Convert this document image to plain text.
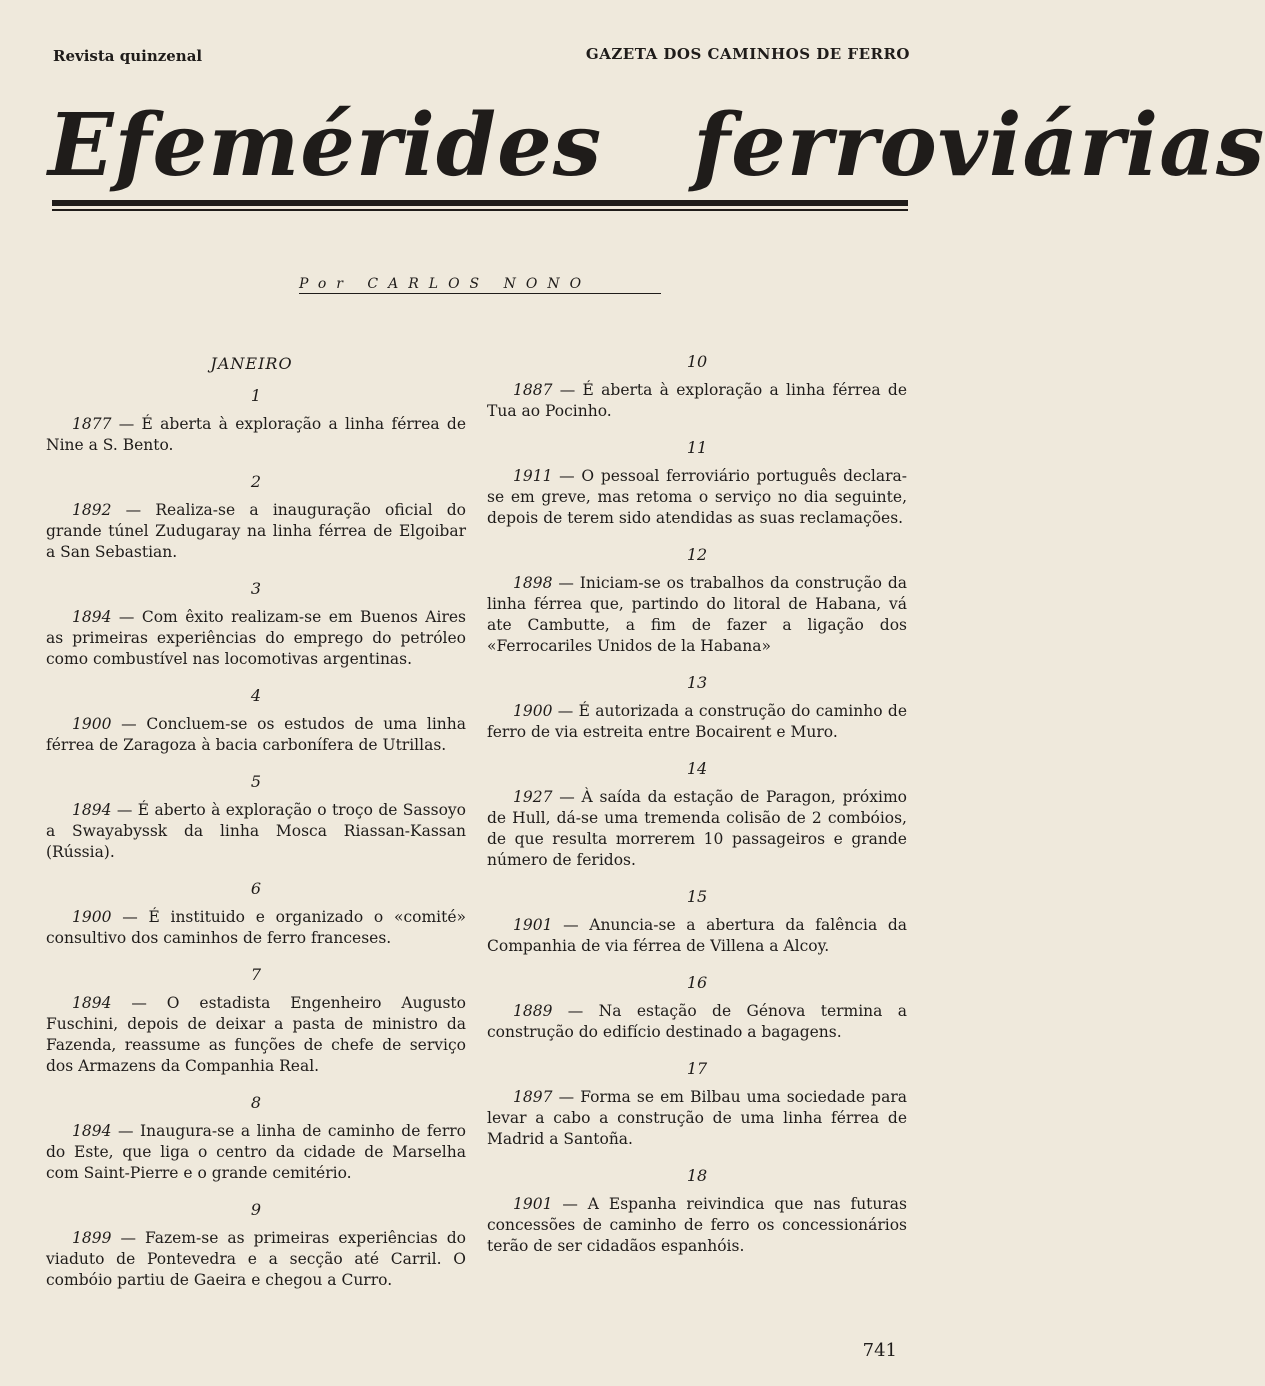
Revista quinzenal	GAZETA DOS CAMINHOS DE FERRO
Efemérides ferroviárias
Por CARLOS NONO
JANEIRO
1
1877 — É aberta à exploração a linha férrea de Nine a S. Bento.
2
1892 — Realiza-se a inauguração oficial do grande túnel Zudugaray na linha férrea de Elgoibar a San Sebastian.
3
1894 — Com êxito realizam-se em Buenos Aires as primeiras experiências do emprego do petróleo como combustível nas locomotivas argentinas.
4
1900 — Concluem-se os estudos de uma linha férrea de Zaragoza à bacia carbonífera de Utrillas.
5
1894 — É aberto à exploração o troço de Sassoyo a Swayabyssk da linha Mosca Riassan-Kassan (Rússia).
6
1900 — É instituido e organizado o «comité» consultivo dos caminhos de ferro franceses.
7
1894 — O estadista Engenheiro Augusto Fuschini, depois de deixar a pasta de ministro da Fazenda, reassume as funções de chefe de serviço dos Armazens da Companhia Real.
8
1894 — Inaugura-se a linha de caminho de ferro do Este, que liga o centro da cidade de Marselha com Saint-Pierre e o grande cemitério.
9
1899 — Fazem-se as primeiras experiências do viaduto de Pontevedra e a secção até Carril. O combóio partiu de Gaeira e chegou a Curro.
10
1887 — É aberta à exploração a linha férrea de Tua ao Pocinho.
11
1911 — O pessoal ferroviário português declara-se em greve, mas retoma o serviço no dia seguinte, depois de terem sido atendidas as suas reclamações.
12
1898 — Iniciam-se os trabalhos da construção da linha férrea que, partindo do litoral de Habana, vá ate Cambutte, a fim de fazer a ligação dos «Ferrocariles Unidos de la Habana»
13
1900 — É autorizada a construção do caminho de ferro de via estreita entre Bocairent e Muro.
14
1927 — À saída da estação de Paragon, próximo de Hull, dá-se uma tremenda colisão de 2 combóios, de que resulta morrerem 10 passageiros e grande número de feridos.
15
1901 — Anuncia-se a abertura da falência da Companhia de via férrea de Villena a Alcoy.
16
1889 — Na estação de Génova termina a construção do edifício destinado a bagagens.
17
1897 — Forma se em Bilbau uma sociedade para levar a cabo a construção de uma linha férrea de Madrid a Santoña.
18
1901 — A Espanha reivindica que nas futuras concessões de caminho de ferro os concessionários terão de ser cidadãos espanhóis.
741
